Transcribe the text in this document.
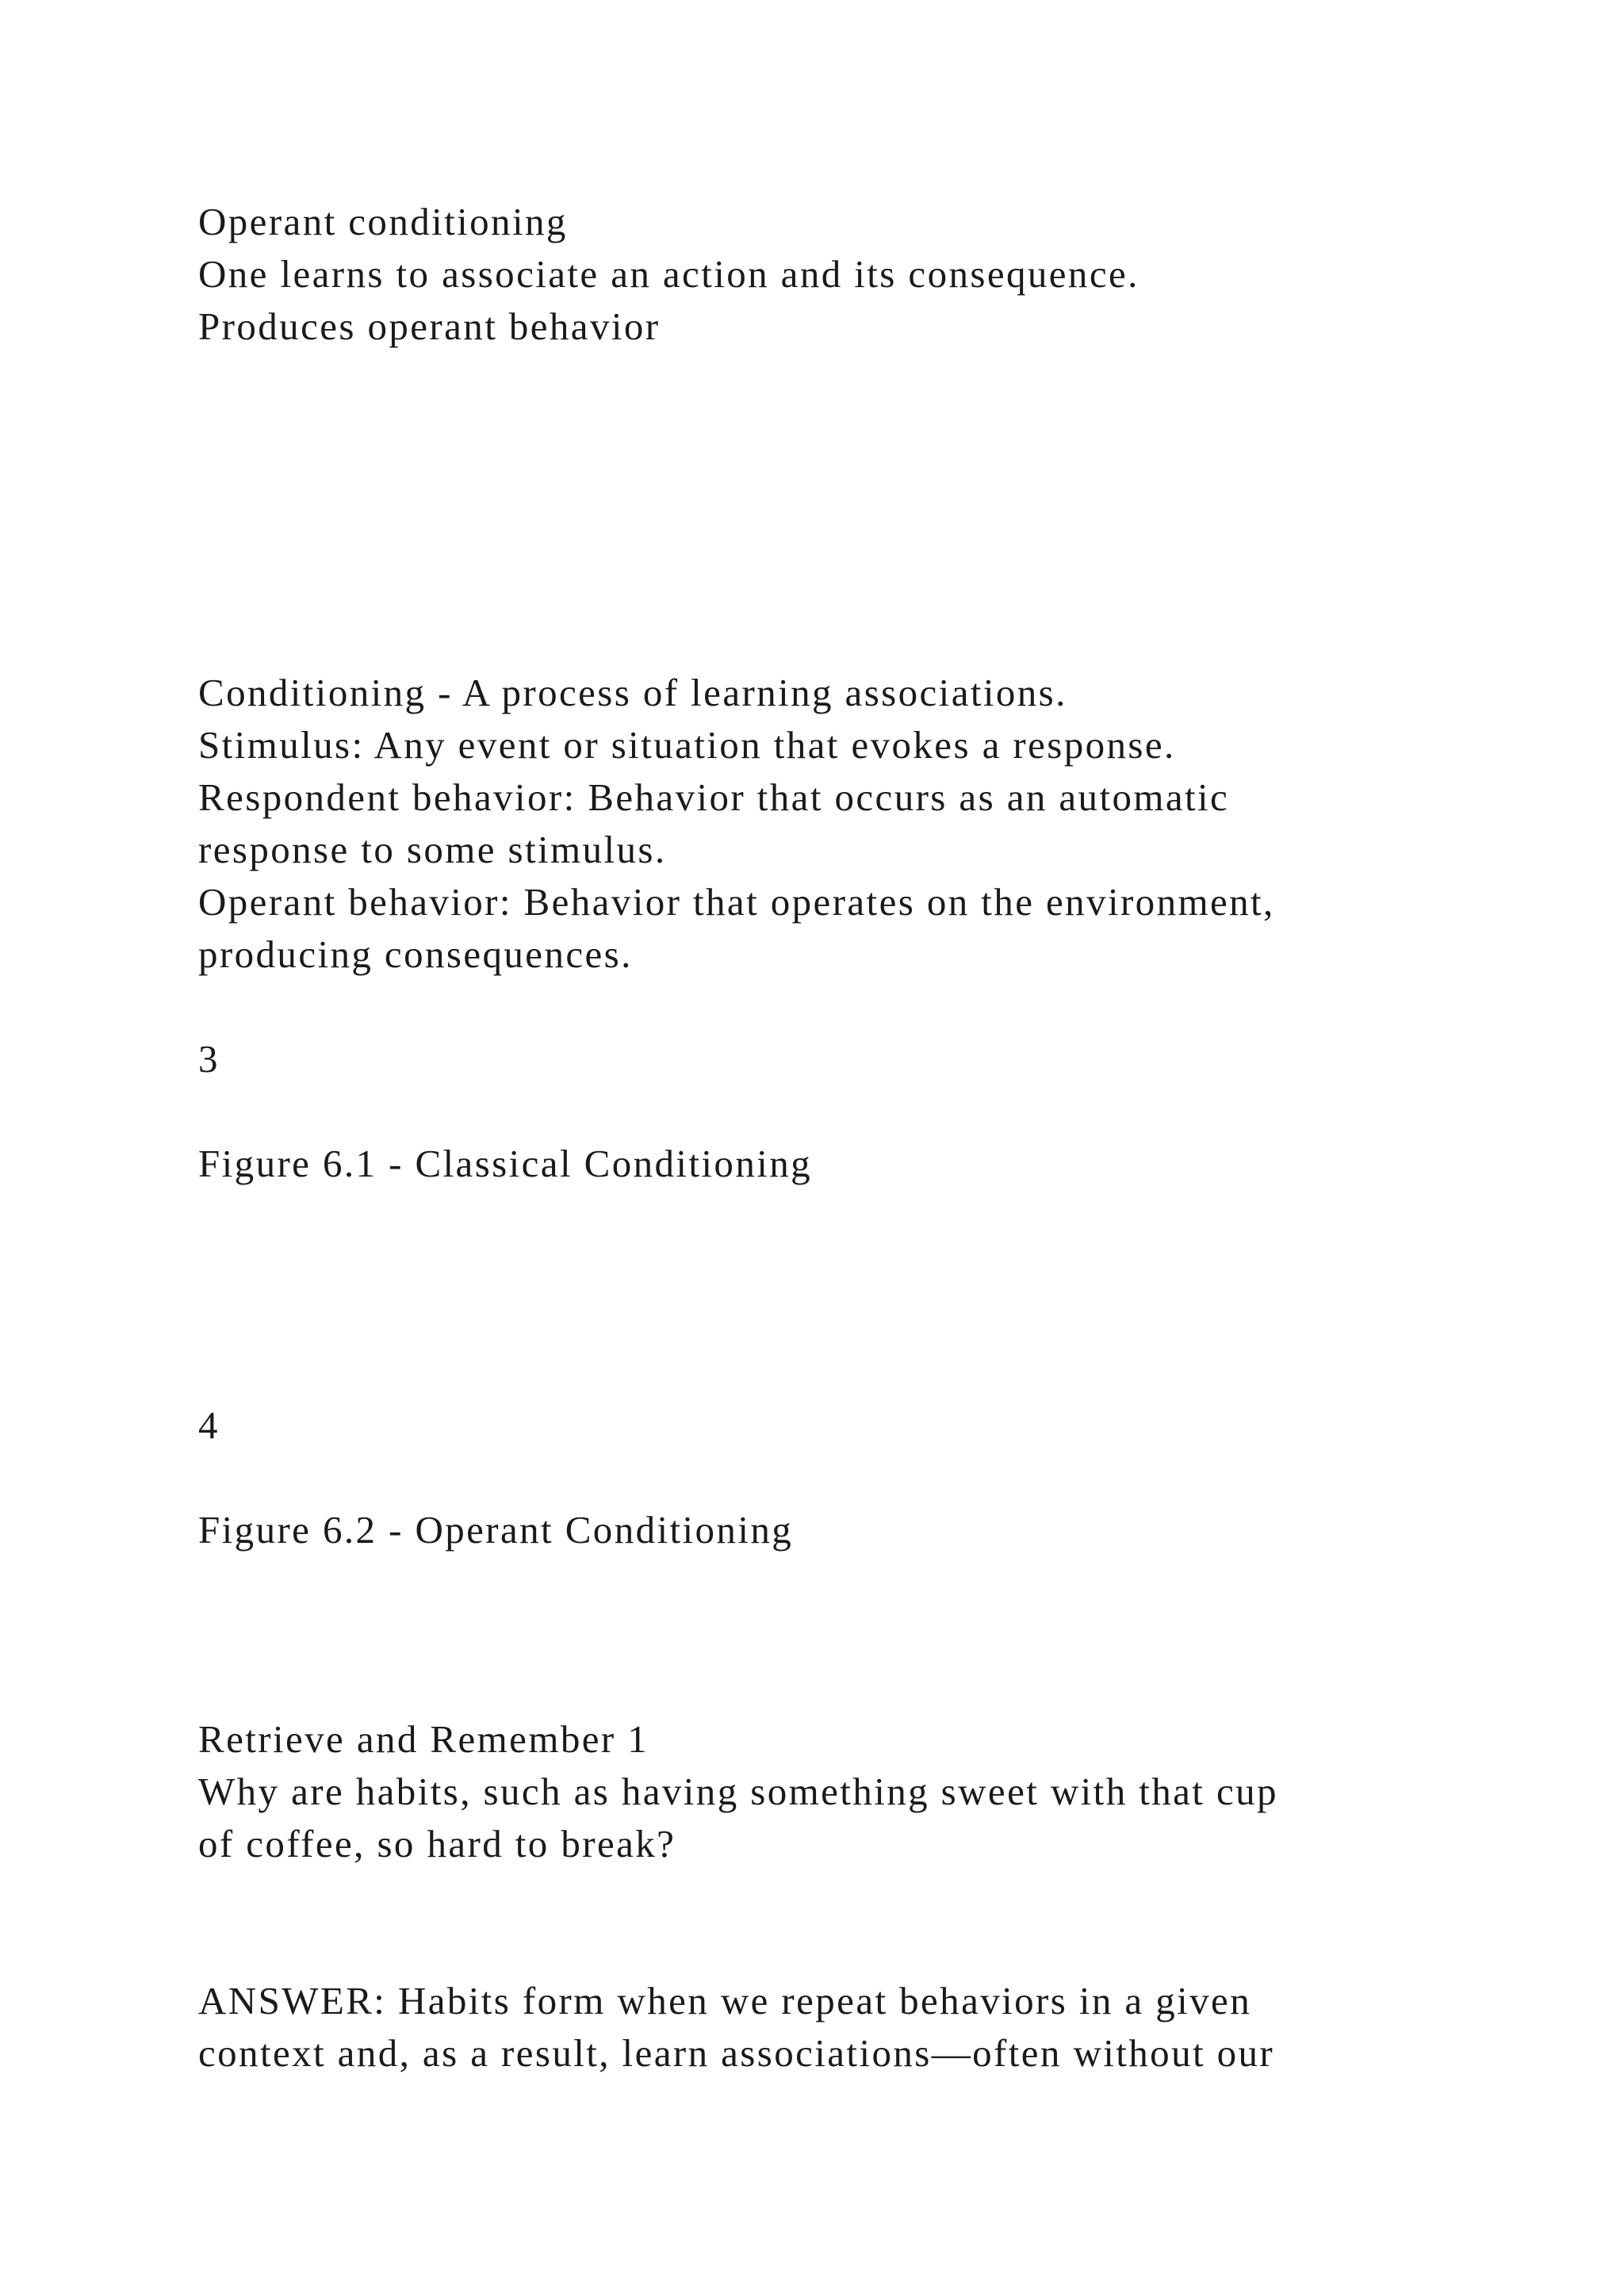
Operant conditioning

One learns to associate an action and its consequence.

Produces operant behavior

Conditioning - A process of learning associations.

Stimulus: Any event or situation that evokes a response.

Respondent behavior: Behavior that occurs as an automatic

response to some stimulus.

Operant behavior: Behavior that operates on the environment,

producing consequences.

3

Figure 6.1 - Classical Conditioning

4

Figure 6.2 - Operant Conditioning

Retrieve and Remember 1

Why are habits, such as having something sweet with that cup

of coffee, so hard to break?

ANSWER: Habits form when we repeat behaviors in a given

context and, as a result, learn associations—often without our
